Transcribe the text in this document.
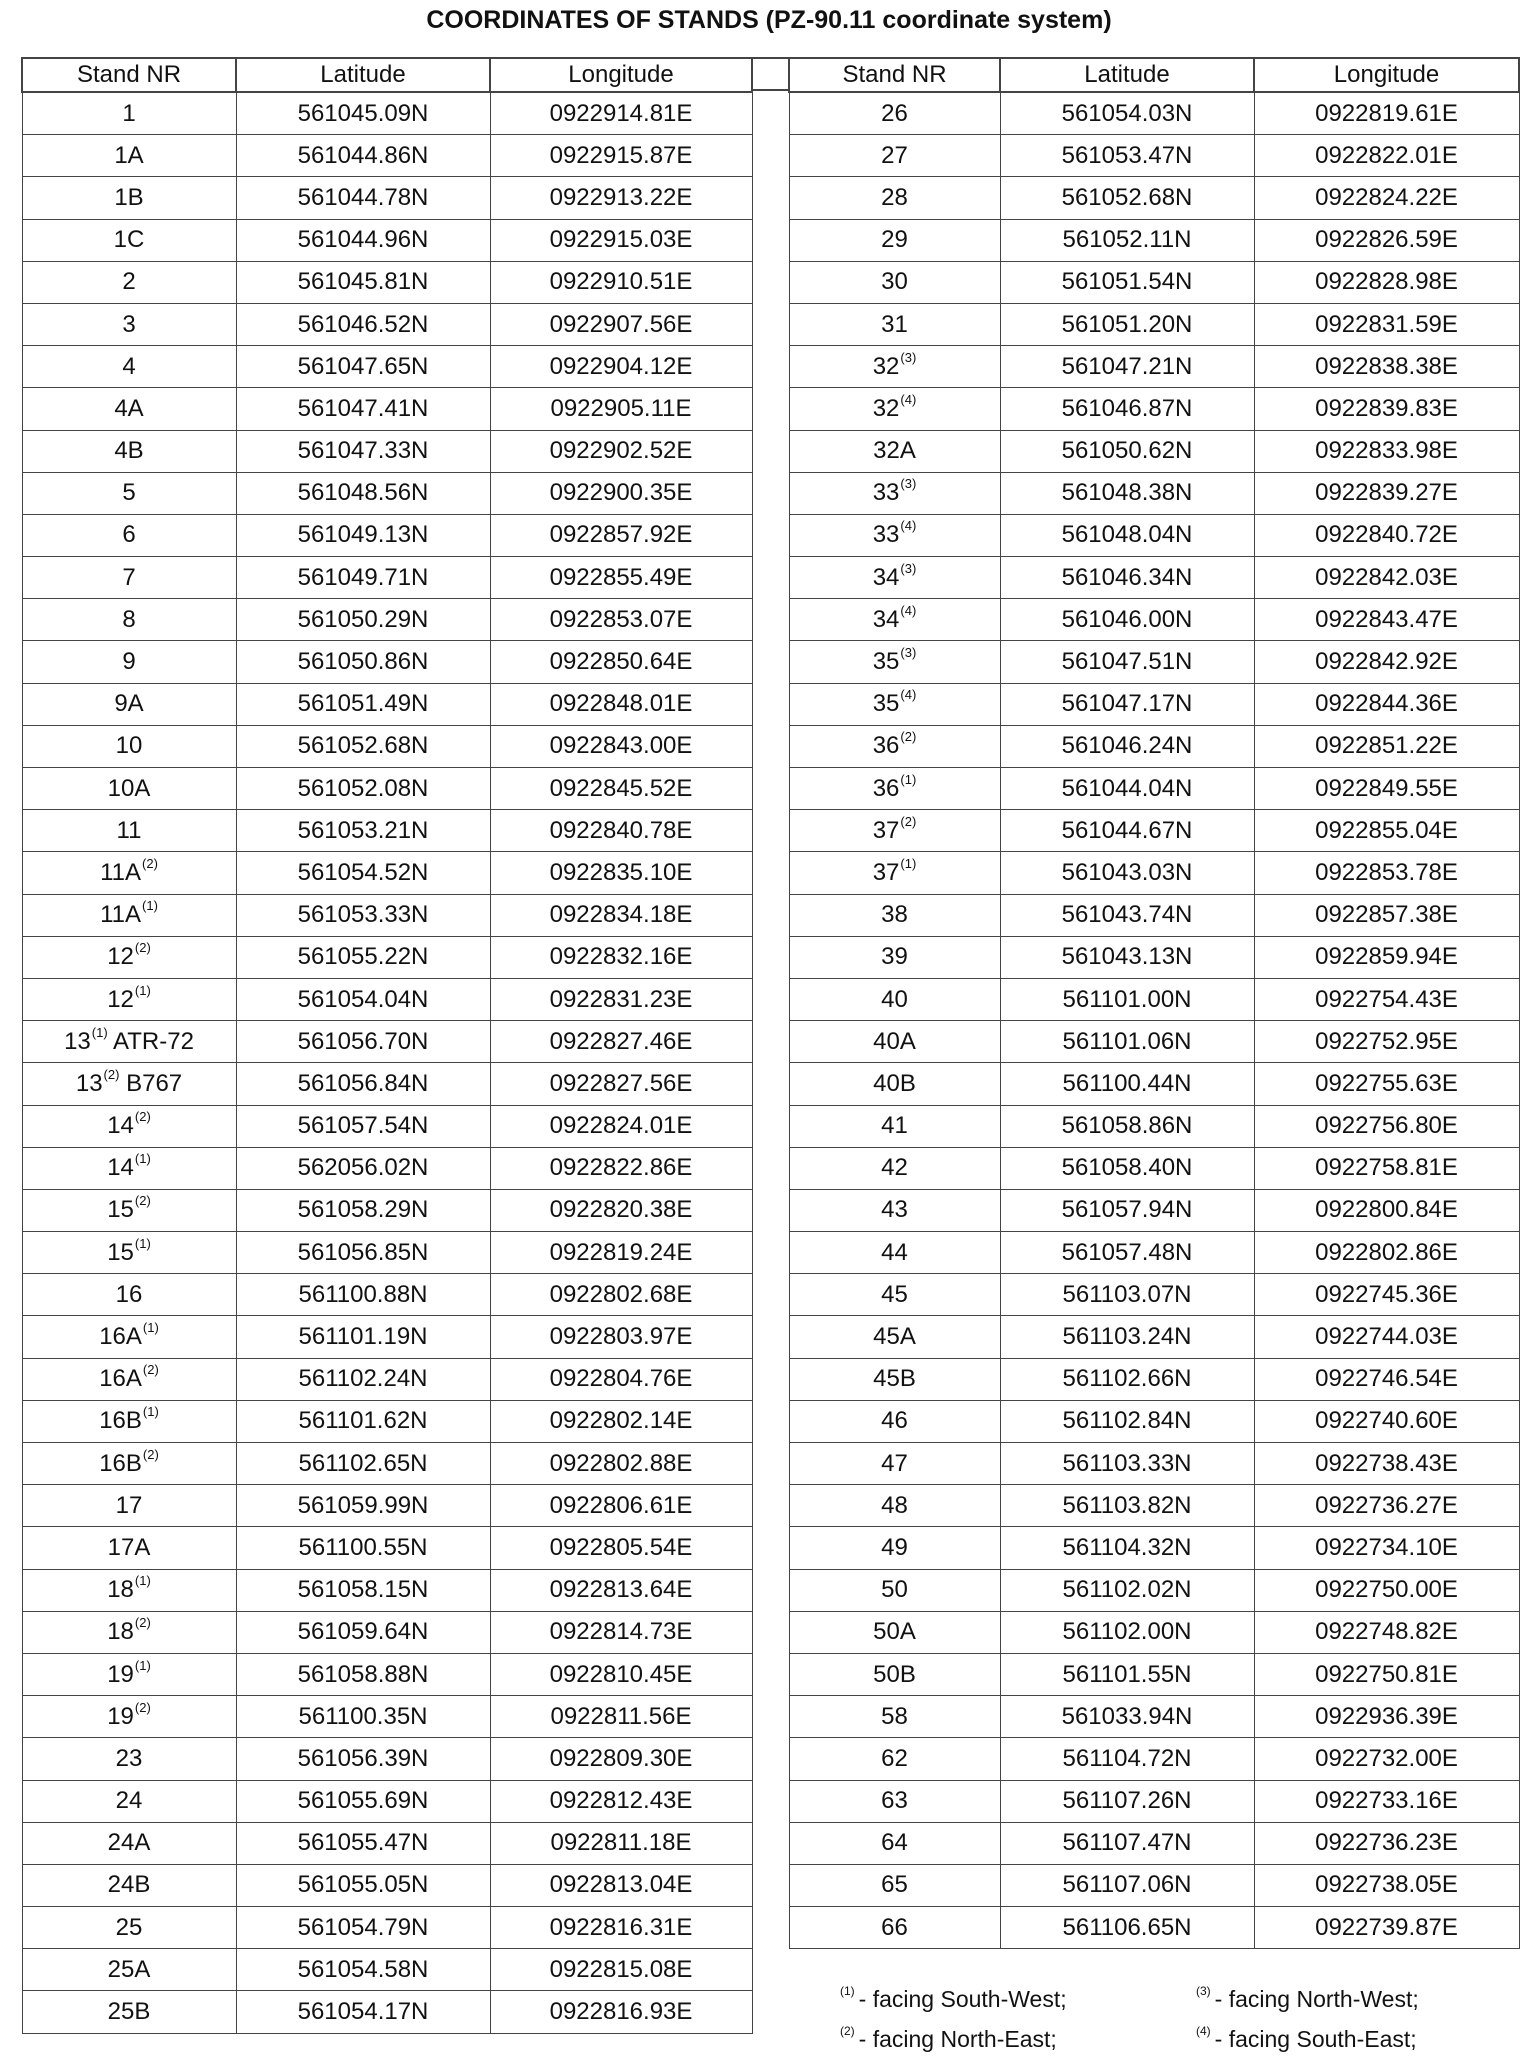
COORDINATES OF STANDS (PZ-90.11 coordinate system)
Stand NR	Latitude	Longitude
1	561045.09N	0922914.81E
1A	561044.86N	0922915.87E
1B	561044.78N	0922913.22E
1C	561044.96N	0922915.03E
2	561045.81N	0922910.51E
3	561046.52N	0922907.56E
4	561047.65N	0922904.12E
4A	561047.41N	0922905.11E
4B	561047.33N	0922902.52E
5	561048.56N	0922900.35E
6	561049.13N	0922857.92E
7	561049.71N	0922855.49E
8	561050.29N	0922853.07E
9	561050.86N	0922850.64E
9A	561051.49N	0922848.01E
10	561052.68N	0922843.00E
10A	561052.08N	0922845.52E
11	561053.21N	0922840.78E
11A$^{(2)}$	561054.52N	0922835.10E
11A$^{(1)}$	561053.33N	0922834.18E
12$^{(2)}$	561055.22N	0922832.16E
12$^{(1)}$	561054.04N	0922831.23E
13$^{(1)}$ ATR-72	561056.70N	0922827.46E
13$^{(2)}$ B767	561056.84N	0922827.56E
14$^{(2)}$	561057.54N	0922824.01E
14$^{(1)}$	562056.02N	0922822.86E
15$^{(2)}$	561058.29N	0922820.38E
15$^{(1)}$	561056.85N	0922819.24E
16	561100.88N	0922802.68E
16A$^{(1)}$	561101.19N	0922803.97E
16A$^{(2)}$	561102.24N	0922804.76E
16B$^{(1)}$	561101.62N	0922802.14E
16B$^{(2)}$	561102.65N	0922802.88E
17	561059.99N	0922806.61E
17A	561100.55N	0922805.54E
18$^{(1)}$	561058.15N	0922813.64E
18$^{(2)}$	561059.64N	0922814.73E
19$^{(1)}$	561058.88N	0922810.45E
19$^{(2)}$	561100.35N	0922811.56E
23	561056.39N	0922809.30E
24	561055.69N	0922812.43E
24A	561055.47N	0922811.18E
24B	561055.05N	0922813.04E
25	561054.79N	0922816.31E
25A	561054.58N	0922815.08E
25B	561054.17N	0922816.93E
Stand NR	Latitude	Longitude
26	561054.03N	0922819.61E
27	561053.47N	0922822.01E
28	561052.68N	0922824.22E
29	561052.11N	0922826.59E
30	561051.54N	0922828.98E
31	561051.20N	0922831.59E
32$^{(3)}$	561047.21N	0922838.38E
32$^{(4)}$	561046.87N	0922839.83E
32A	561050.62N	0922833.98E
33$^{(3)}$	561048.38N	0922839.27E
33$^{(4)}$	561048.04N	0922840.72E
34$^{(3)}$	561046.34N	0922842.03E
34$^{(4)}$	561046.00N	0922843.47E
35$^{(3)}$	561047.51N	0922842.92E
35$^{(4)}$	561047.17N	0922844.36E
36$^{(2)}$	561046.24N	0922851.22E
36$^{(1)}$	561044.04N	0922849.55E
37$^{(2)}$	561044.67N	0922855.04E
37$^{(1)}$	561043.03N	0922853.78E
38	561043.74N	0922857.38E
39	561043.13N	0922859.94E
40	561101.00N	0922754.43E
40A	561101.06N	0922752.95E
40B	561100.44N	0922755.63E
41	561058.86N	0922756.80E
42	561058.40N	0922758.81E
43	561057.94N	0922800.84E
44	561057.48N	0922802.86E
45	561103.07N	0922745.36E
45A	561103.24N	0922744.03E
45B	561102.66N	0922746.54E
46	561102.84N	0922740.60E
47	561103.33N	0922738.43E
48	561103.82N	0922736.27E
49	561104.32N	0922734.10E
50	561102.02N	0922750.00E
50A	561102.00N	0922748.82E
50B	561101.55N	0922750.81E
58	561033.94N	0922936.39E
62	561104.72N	0922732.00E
63	561107.26N	0922733.16E
64	561107.47N	0922736.23E
65	561107.06N	0922738.05E
66	561106.65N	0922739.87E
$^{(1)}$ - facing South-West;
$^{(2)}$ - facing North-East;
$^{(3)}$ - facing North-West;
$^{(4)}$ - facing South-East;
